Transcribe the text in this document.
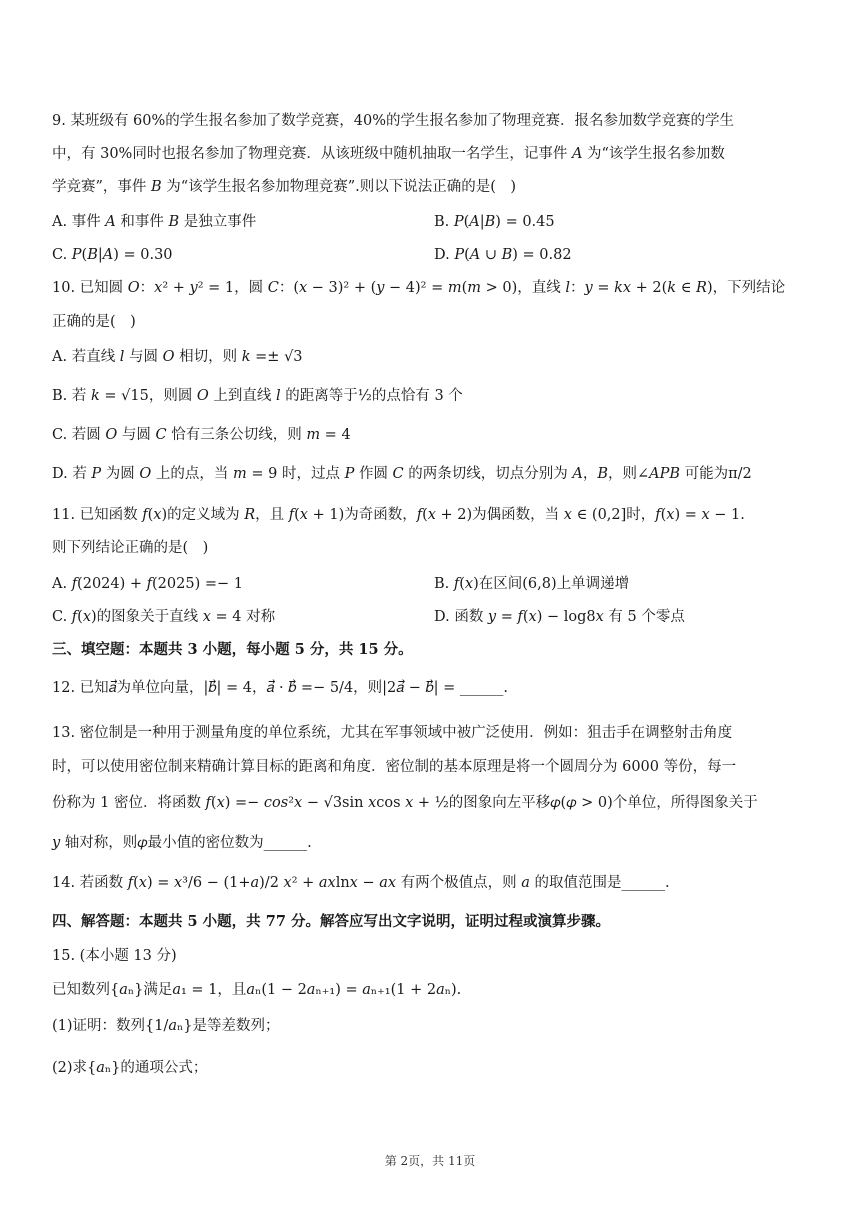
9. 某班级有 60%的学生报名参加了数学竞赛，40%的学生报名参加了物理竞赛．报名参加数学竞赛的学生
中，有 30%同时也报名参加了物理竞赛．从该班级中随机抽取一名学生，记事件 𝐴 为“该学生报名参加数
学竞赛”，事件 𝐵 为“该学生报名参加物理竞赛”.则以下说法正确的是(　)
A. 事件 𝐴 和事件 𝐵 是独立事件	B. 𝑃(𝐴|𝐵) = 0.45
C. 𝑃(𝐵|𝐴) = 0.30	D. 𝑃(𝐴 ∪ 𝐵) = 0.82
10. 已知圆 𝑂：𝑥² + 𝑦² = 1，圆 𝐶：(𝑥 − 3)² + (𝑦 − 4)² = 𝑚(𝑚 > 0)，直线 𝑙：𝑦 = 𝑘𝑥 + 2(𝑘 ∈ 𝑅)，下列结论
正确的是(　)
A. 若直线 𝑙 与圆 𝑂 相切，则 𝑘 =± √3
B. 若 𝑘 = √15，则圆 𝑂 上到直线 𝑙 的距离等于½的点恰有 3 个
C. 若圆 𝑂 与圆 𝐶 恰有三条公切线，则 𝑚 = 4
D. 若 𝑃 为圆 𝑂 上的点，当 𝑚 = 9 时，过点 𝑃 作圆 𝐶 的两条切线，切点分别为 𝐴，𝐵，则∠𝐴𝑃𝐵 可能为π/2
11. 已知函数 𝑓(𝑥)的定义域为 𝑅，且 𝑓(𝑥 + 1)为奇函数，𝑓(𝑥 + 2)为偶函数，当 𝑥 ∈ (0,2]时，𝑓(𝑥) = 𝑥 − 1.
则下列结论正确的是(　)
A. 𝑓(2024) + 𝑓(2025) =− 1	B. 𝑓(𝑥)在区间(6,8)上单调递增
C. 𝑓(𝑥)的图象关于直线 𝑥 = 4 对称	D. 函数 𝑦 = 𝑓(𝑥) − log8𝑥 有 5 个零点
三、填空题：本题共 3 小题，每小题 5 分，共 15 分。
12. 已知𝑎⃗为单位向量，|𝑏⃗| = 4，𝑎⃗ · 𝑏⃗ =− 5/4，则|2𝑎⃗ − 𝑏⃗| = ______.
13. 密位制是一种用于测量角度的单位系统，尤其在军事领域中被广泛使用．例如：狙击手在调整射击角度
时，可以使用密位制来精确计算目标的距离和角度．密位制的基本原理是将一个圆周分为 6000 等份，每一
份称为 1 密位．将函数 𝑓(𝑥) =− 𝑐𝑜𝑠²𝑥 − √3sin 𝑥cos 𝑥 + ½的图象向左平移𝜑(𝜑 > 0)个单位，所得图象关于
𝑦 轴对称，则𝜑最小值的密位数为______.
14. 若函数 𝑓(𝑥) = 𝑥³/6 − (1+𝑎)/2 𝑥² + 𝑎𝑥ln𝑥 − 𝑎𝑥 有两个极值点，则 𝑎 的取值范围是______.
四、解答题：本题共 5 小题，共 77 分。解答应写出文字说明，证明过程或演算步骤。
15. (本小题 13 分)
已知数列{𝑎ₙ}满足𝑎₁ = 1，且𝑎ₙ(1 − 2𝑎ₙ₊₁) = 𝑎ₙ₊₁(1 + 2𝑎ₙ).
(1)证明：数列{1/𝑎ₙ}是等差数列；
(2)求{𝑎ₙ}的通项公式；
第 2页，共 11页
